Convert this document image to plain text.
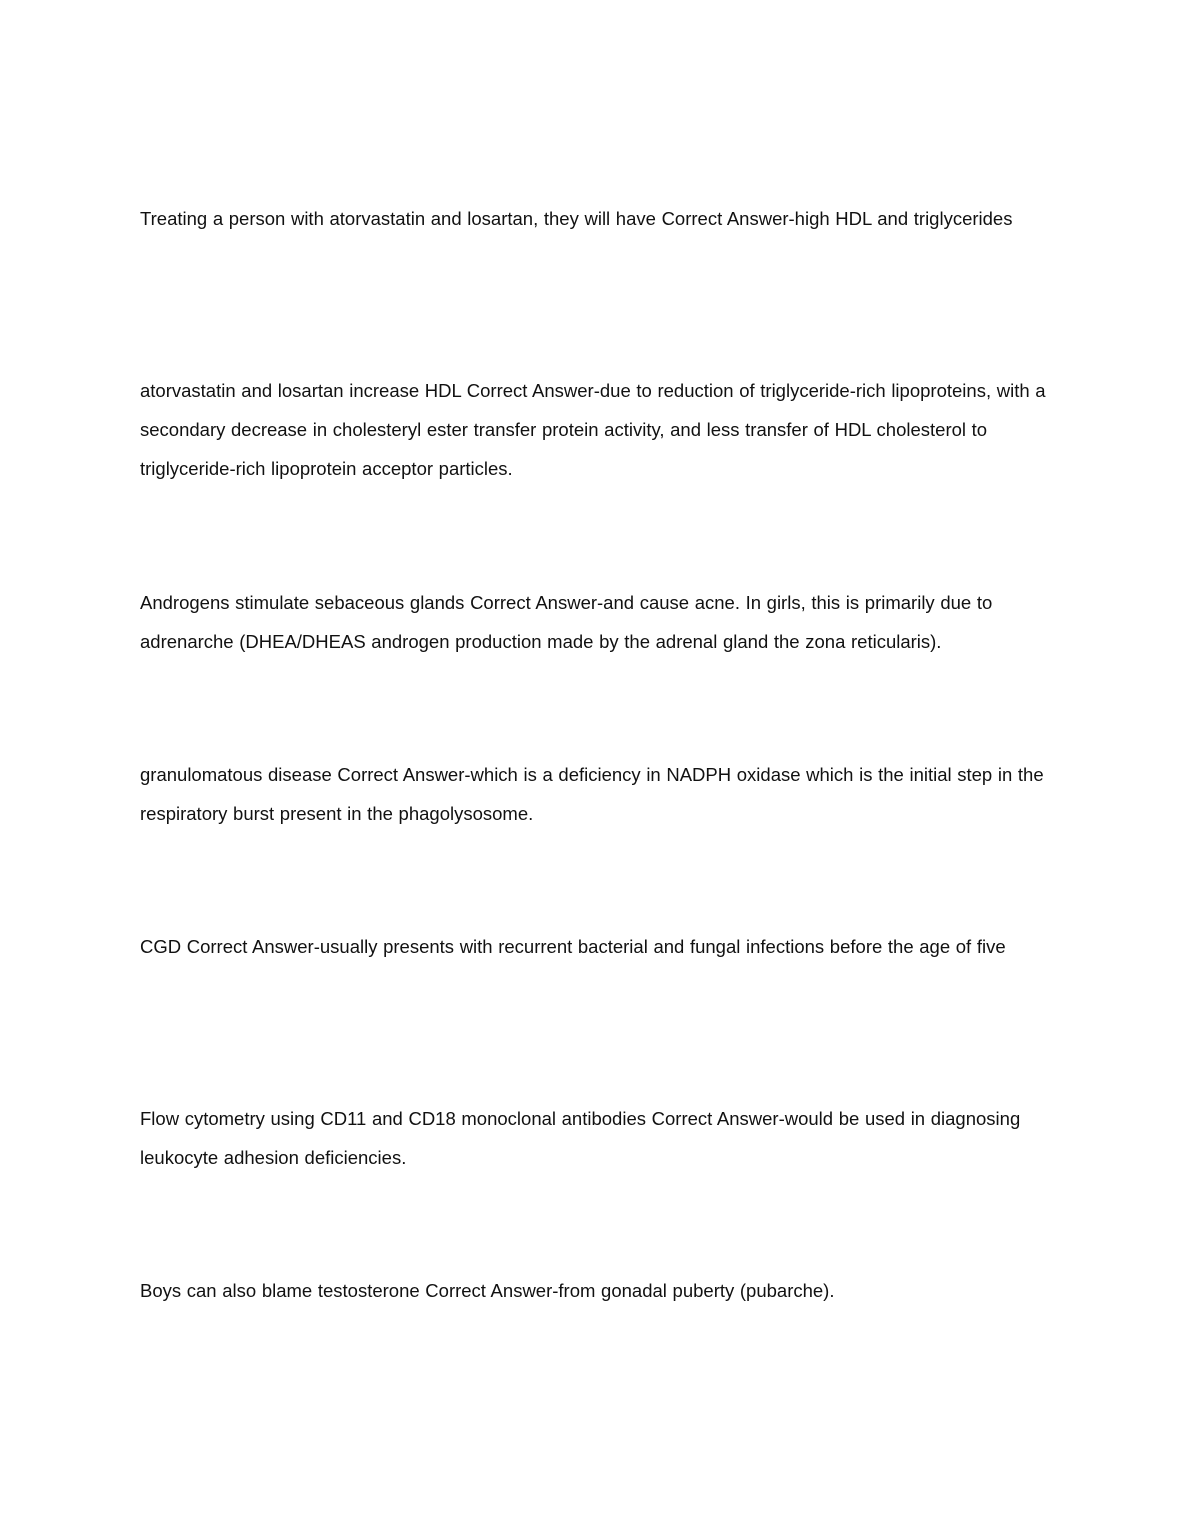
Treating a person with atorvastatin and losartan, they will have Correct Answer-high HDL and triglycerides

atorvastatin and losartan increase HDL Correct Answer-due to reduction of triglyceride-rich lipoproteins, with a secondary decrease in cholesteryl ester transfer protein activity, and less transfer of HDL cholesterol to triglyceride-rich lipoprotein acceptor particles.

Androgens stimulate sebaceous glands Correct Answer-and cause acne. In girls, this is primarily due to adrenarche (DHEA/DHEAS androgen production made by the adrenal gland the zona reticularis).

granulomatous disease Correct Answer-which is a deficiency in NADPH oxidase which is the initial step in the respiratory burst present in the phagolysosome.

CGD Correct Answer-usually presents with recurrent bacterial and fungal infections before the age of five

Flow cytometry using CD11 and CD18 monoclonal antibodies Correct Answer-would be used in diagnosing leukocyte adhesion deficiencies.

Boys can also blame testosterone Correct Answer-from gonadal puberty (pubarche).
